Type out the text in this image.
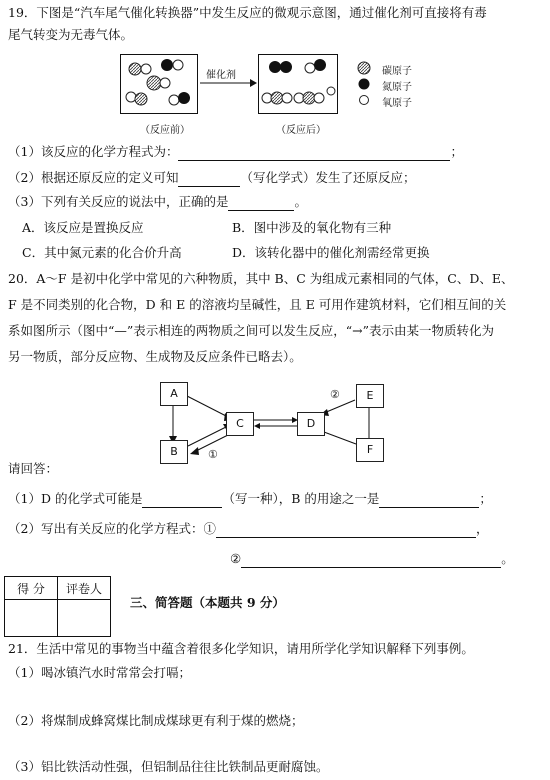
19．下图是“汽车尾气催化转换器”中发生反应的微观示意图，通过催化剂可直接将有毒
尾气转变为无毒气体。
催化剂	碳原子
氮原子
氧原子
（反应前）	（反应后）
（1）该反应的化学方程式为：	；
（2）根据还原反应的定义可知	（写化学式）发生了还原反应；
（3）下列有关反应的说法中，正确的是	。
A．该反应是置换反应	B．图中涉及的氧化物有三种
C．其中氮元素的化合价升高	D．该转化器中的催化剂需经常更换
20．A～F 是初中化学中常见的六种物质，其中 B、C 为组成元素相同的气体，C、D、E、
F 是不同类别的化合物，D 和 E 的溶液均呈碱性，且 E 可用作建筑材料，它们相互间的关
系如图所示（图中“—”表示相连的两物质之间可以发生反应，“→”表示由某一物质转化为
另一物质，部分反应物、生成物及反应条件已略去）。
A
B
C	D
E
F
①
②
请回答：
（1）D 的化学式可能是	（写一种），B 的用途之一是	；
（2）写出有关反应的化学方程式：①	，
②	。
得 分	评卷人

三、简答题（本题共 9 分）
21．生活中常见的事物当中蕴含着很多化学知识，请用所学化学知识解释下列事例。
（1）喝冰镇汽水时常常会打嗝；
（2）将煤制成蜂窝煤比制成煤球更有利于煤的燃烧；
（3）铝比铁活动性强，但铝制品往往比铁制品更耐腐蚀。
